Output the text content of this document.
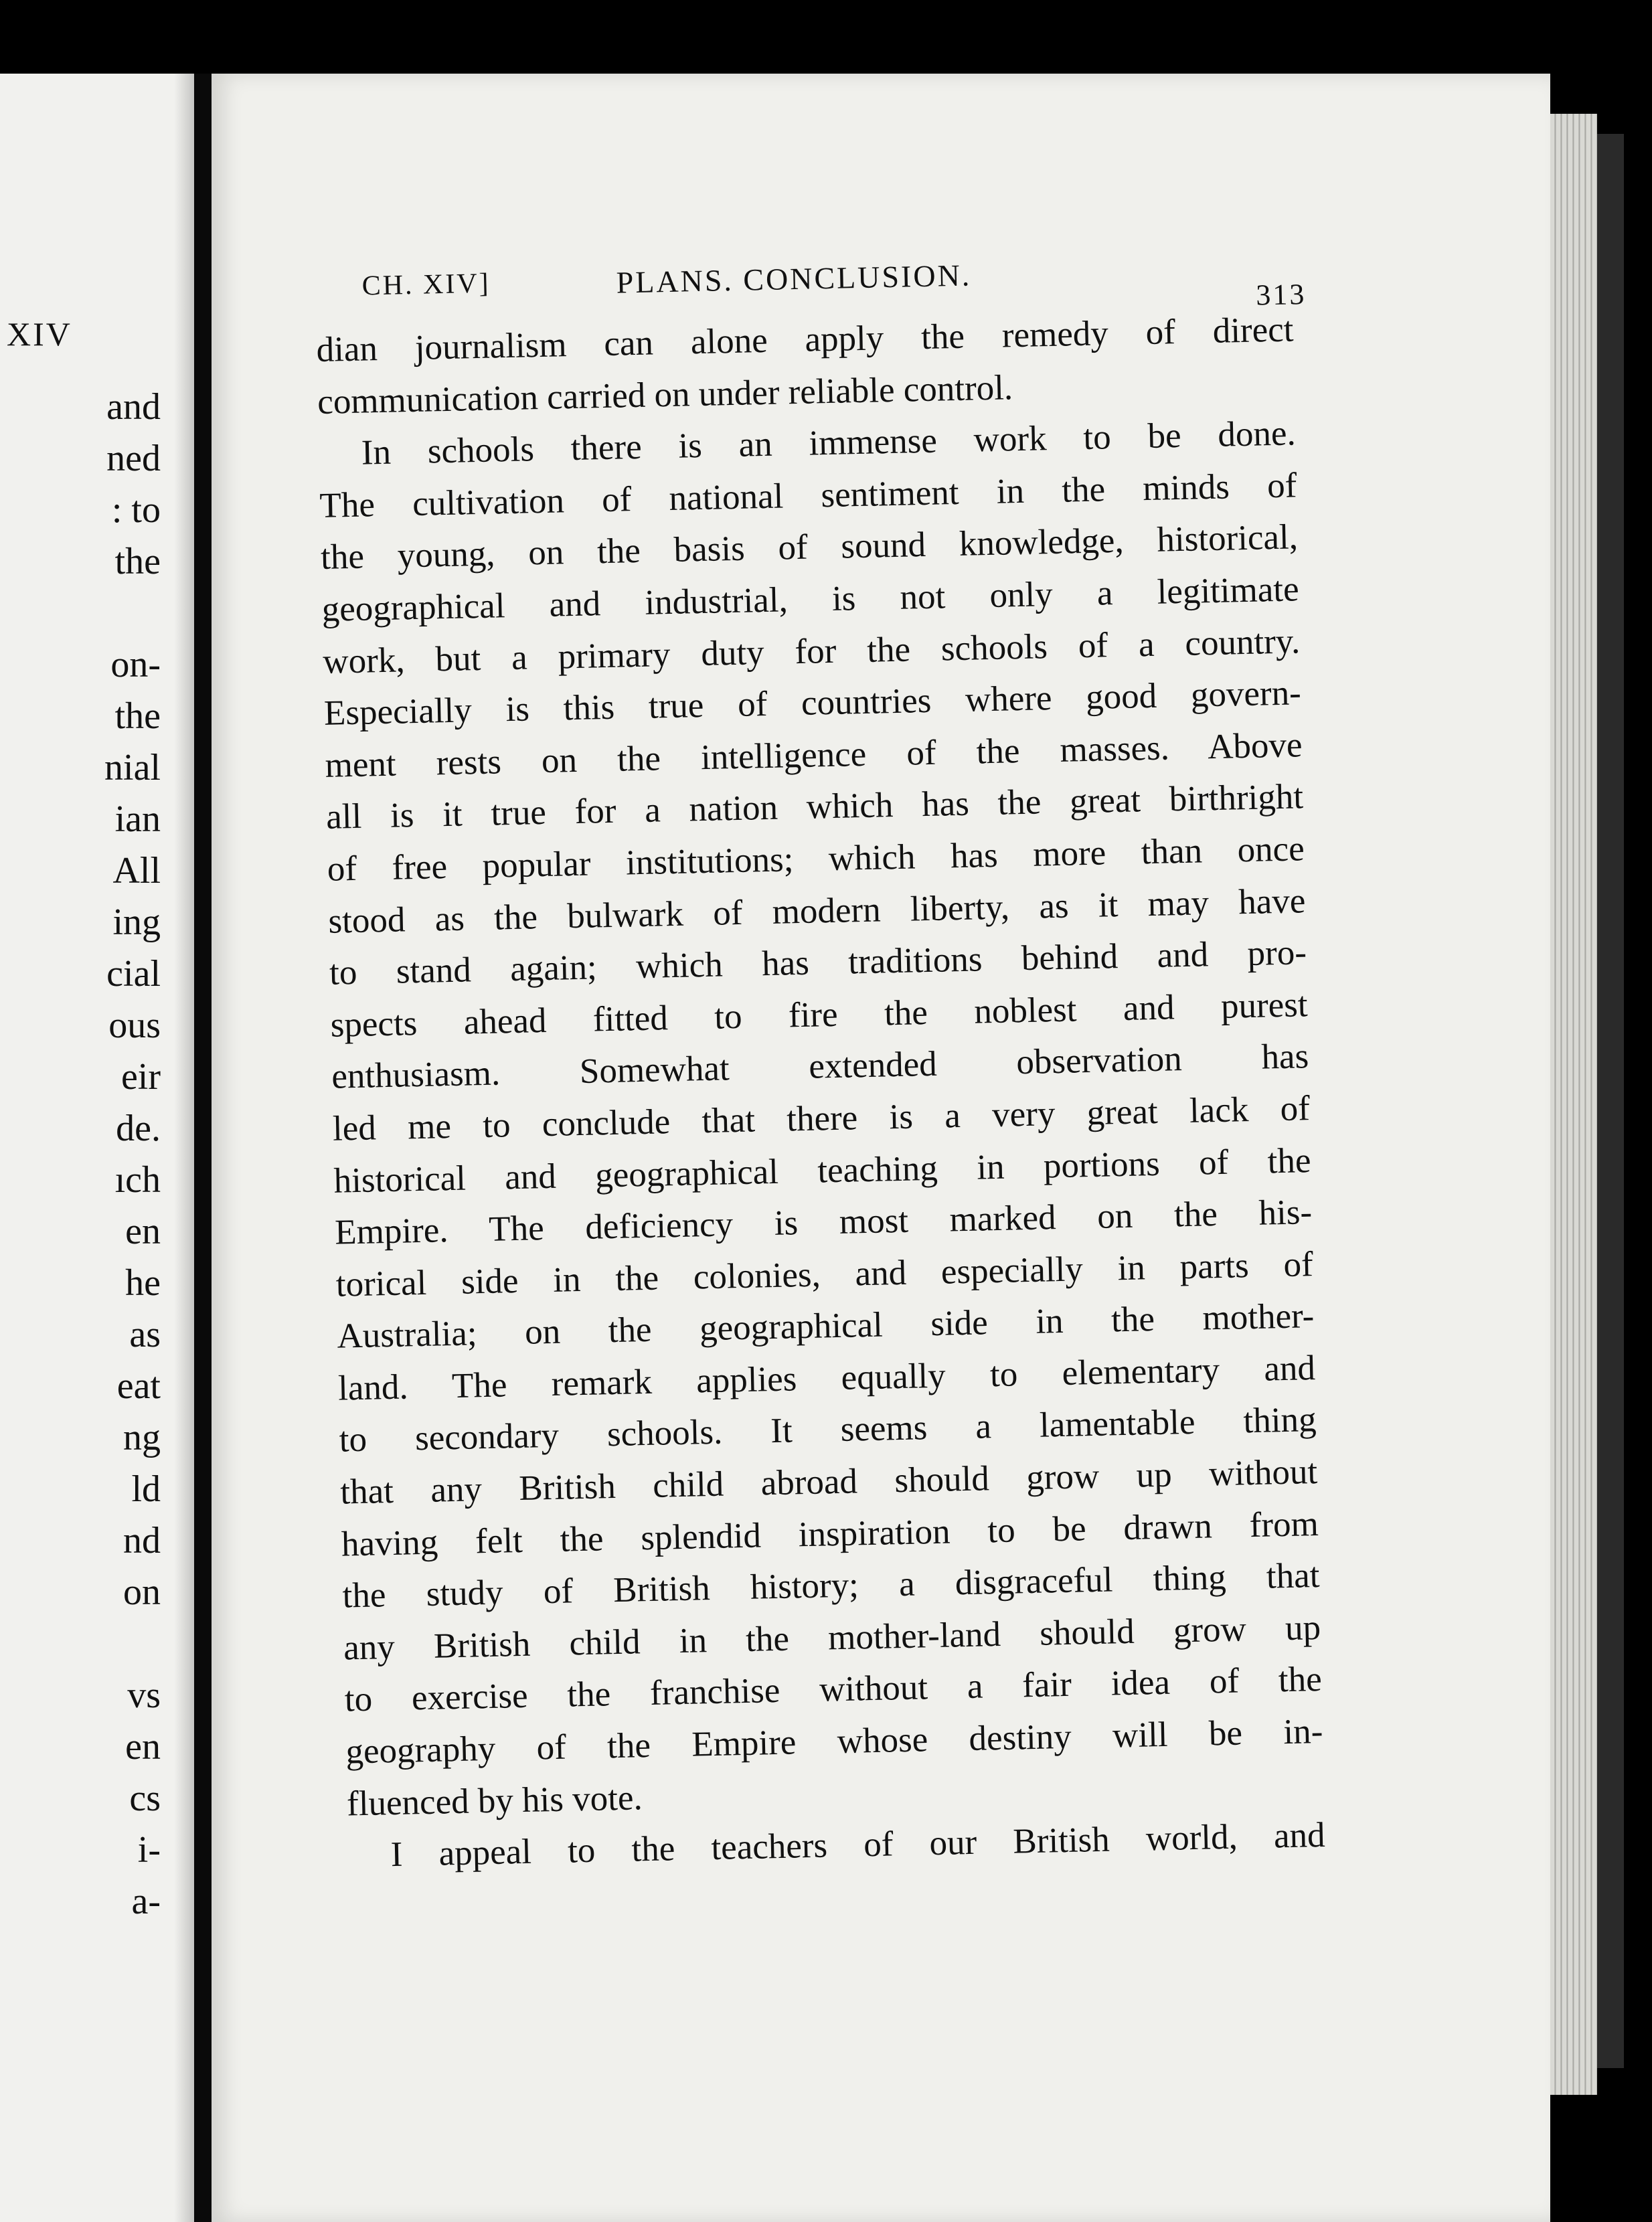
XIV
and
ned
: to
the
on-
the
nial
ian
All
ing
cial
ous
eir
de.
ıch
en
he
as
eat
ng
ld
nd
on
vs
en
cs
i-
a-
CH. XIV]	PLANS. CONCLUSION.	313
dian journalism can alone apply the remedy of direct
communication carried on under reliable control.
In schools there is an immense work to be done.
The cultivation of national sentiment in the minds of
the young, on the basis of sound knowledge, historical,
geographical and industrial, is not only a legitimate
work, but a primary duty for the schools of a country.
Especially is this true of countries where good govern-
ment rests on the intelligence of the masses. Above
all is it true for a nation which has the great birthright
of free popular institutions; which has more than once
stood as the bulwark of modern liberty, as it may have
to stand again; which has traditions behind and pro-
spects ahead fitted to fire the noblest and purest
enthusiasm. Somewhat extended observation has
led me to conclude that there is a very great lack of
historical and geographical teaching in portions of the
Empire. The deficiency is most marked on the his-
torical side in the colonies, and especially in parts of
Australia; on the geographical side in the mother-
land. The remark applies equally to elementary and
to secondary schools. It seems a lamentable thing
that any British child abroad should grow up without
having felt the splendid inspiration to be drawn from
the study of British history; a disgraceful thing that
any British child in the mother-land should grow up
to exercise the franchise without a fair idea of the
geography of the Empire whose destiny will be in-
fluenced by his vote.
I appeal to the teachers of our British world, and
